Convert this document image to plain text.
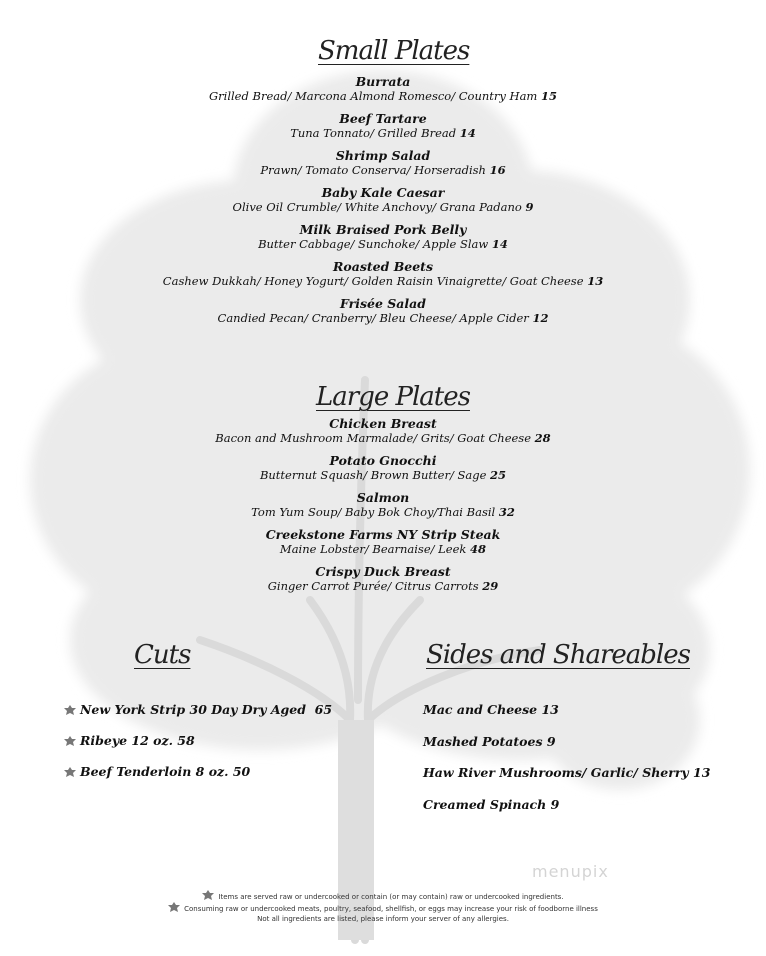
Small Plates
Burrata
Grilled Bread/ Marcona Almond Romesco/ Country Ham 15
Beef Tartare
Tuna Tonnato/ Grilled Bread 14
Shrimp Salad
Prawn/ Tomato Conserva/ Horseradish 16
Baby Kale Caesar
Olive Oil Crumble/ White Anchovy/ Grana Padano 9
Milk Braised Pork Belly
Butter Cabbage/ Sunchoke/ Apple Slaw 14
Roasted Beets
Cashew Dukkah/ Honey Yogurt/ Golden Raisin Vinaigrette/ Goat Cheese 13
Frisée Salad
Candied Pecan/ Cranberry/ Bleu Cheese/ Apple Cider 12
Large Plates
Chicken Breast
Bacon and Mushroom Marmalade/ Grits/ Goat Cheese 28
Potato Gnocchi
Butternut Squash/ Brown Butter/ Sage 25
Salmon
Tom Yum Soup/ Baby Bok Choy/Thai Basil 32
Creekstone Farms NY Strip Steak
Maine Lobster/ Bearnaise/ Leek 48
Crispy Duck Breast
Ginger Carrot Purée/ Citrus Carrots 29
Cuts
New York Strip 30 Day Dry Aged  65
Ribeye 12 oz. 58
Beef Tenderloin 8 oz. 50
Sides and Shareables
Mac and Cheese 13
Mashed Potatoes 9
Haw River Mushrooms/ Garlic/ Sherry 13
Creamed Spinach 9
menupix
Items are served raw or undercooked or contain (or may contain) raw or undercooked ingredients.
Consuming raw or undercooked meats, poultry, seafood, shellfish, or eggs may increase your risk of foodborne illness
Not all ingredients are listed, please inform your server of any allergies.
